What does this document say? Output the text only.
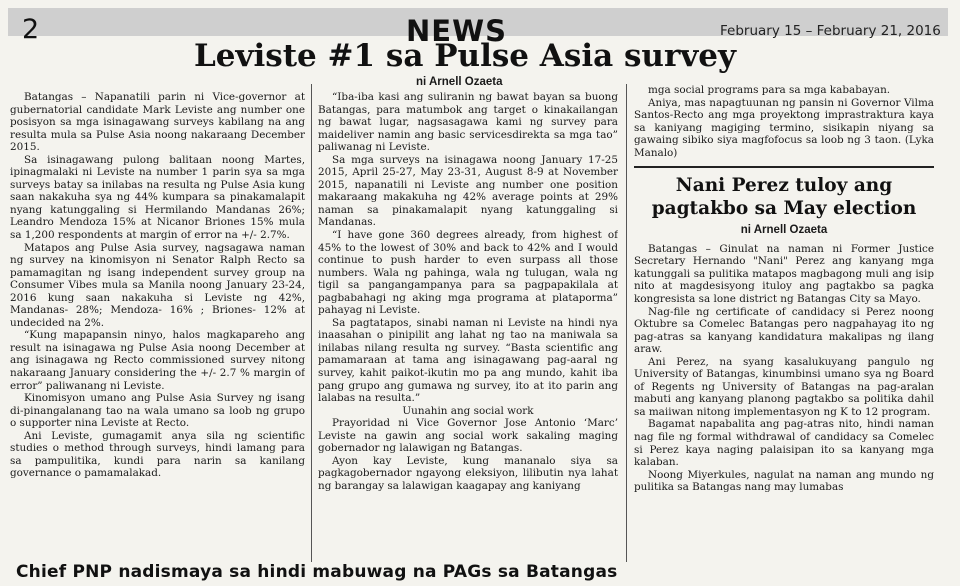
2	NEWS	February 15 – February 21, 2016
Leviste #1 sa Pulse Asia survey
ni Arnell Ozaeta

Batangas – Napanatili parin ni Vice-governor at gubernatorial candidate Mark Leviste ang number one posisyon sa mga isinagawang surveys kabilang na ang resulta mula sa Pulse Asia noong nakaraang December 2015.

Sa isinagawang pulong balitaan noong Martes, ipinagmalaki ni Leviste na number 1 parin sya sa mga surveys batay sa inilabas na resulta ng Pulse Asia kung saan nakakuha sya ng 44% kumpara sa pinakamalapit nyang katunggaling si Hermilando Mandanas 26%; Leandro Mendoza 15% at Nicanor Briones 15% mula sa 1,200 respondents at margin of error na +/- 2.7%.

Matapos ang Pulse Asia survey, nagsagawa naman ng survey na kinomisyon ni Senator Ralph Recto sa pamamagitan ng isang independent survey group na Consumer Vibes mula sa Manila noong January 23-24, 2016 kung saan nakakuha si Leviste ng 42%, Mandanas- 28%; Mendoza- 16% ; Briones- 12% at undecided na 2%.

“Kung mapapansin ninyo, halos magkapareho ang result na isinagawa ng Pulse Asia noong December at ang isinagawa ng Recto commissioned survey nitong nakaraang January considering the +/- 2.7 % margin of error” paliwanang ni Leviste.

Kinomisyon umano ang Pulse Asia Survey ng isang di-pinangalanang tao na wala umano sa loob ng grupo o supporter nina Leviste at Recto.

Ani Leviste, gumagamit anya sila ng scientific studies o method through surveys, hindi lamang para sa pampulitika, kundi para narin sa kanilang governance o pamamalakad.

“Iba-iba kasi ang suliranin ng bawat bayan sa buong Batangas, para matumbok ang target o kinakailangan ng bawat lugar, nagsasagawa kami ng survey para maideliver namin ang basic servicesdirekta sa mga tao” paliwanag ni Leviste.

Sa mga surveys na isinagawa noong January 17-25 2015, April 25-27, May 23-31, August 8-9 at November 2015, napanatili ni Leviste ang number one position makaraang makakuha ng 42% average points at 29% naman sa pinakamalapit nyang katunggaling si Mandanas.

“I have gone 360 degrees already, from highest of 45% to the lowest of 30% and back to 42% and I would continue to push harder to even surpass all those numbers. Wala ng pahinga, wala ng tulugan, wala ng tigil sa pangangampanya para sa pagpapakilala at pagbabahagi ng aking mga programa at plataporma” pahayag ni Leviste.

Sa pagtatapos, sinabi naman ni Leviste na hindi nya inaasahan o pinipilit ang lahat ng tao na maniwala sa inilabas nilang resulta ng survey. “Basta scientific ang pamamaraan at tama ang isinagawang pag-aaral ng survey, kahit paikot-ikutin mo pa ang mundo, kahit iba pang grupo ang gumawa ng survey, ito at ito parin ang lalabas na resulta.”

Uunahin ang social work

Prayoridad ni Vice Governor Jose Antonio ‘Marc’ Leviste na gawin ang social work sakaling maging gobernador ng lalawigan ng Batangas.

Ayon kay Leviste, kung mananalo siya sa pagkagobernador ngayong eleksiyon, lilibutin nya lahat ng barangay sa lalawigan kaagapay ang kaniyang

mga social programs para sa mga kababayan.

Aniya, mas napagtuunan ng pansin ni Governor Vilma Santos-Recto ang mga proyektong imprastraktura kaya sa kaniyang magiging termino, sisikapin niyang sa gawaing sibiko siya magfofocus sa loob ng 3 taon. (Lyka Manalo)

Nani Perez tuloy ang pagtakbo sa May election
ni Arnell Ozaeta

Batangas – Ginulat na naman ni Former Justice Secretary Hernando "Nani" Perez ang kanyang mga katunggali sa pulitika matapos magbagong muli ang isip nito at magdesisyong ituloy ang pagtakbo sa pagka kongresista sa lone district ng Batangas City sa Mayo.

Nag-file ng certificate of candidacy si Perez noong Oktubre sa Comelec Batangas pero nagpahayag ito ng pag-atras sa kanyang kandidatura makalipas ng ilang araw.

Ani Perez, na syang kasalukuyang pangulo ng University of Batangas, kinumbinsi umano sya ng Board of Regents ng University of Batangas na pag-aralan mabuti ang kanyang planong pagtakbo sa politika dahil sa maiiwan nitong implementasyon ng K to 12 program.

Bagamat napabalita ang pag-atras nito, hindi naman nag file ng formal withdrawal of candidacy sa Comelec si Perez kaya naging palaisipan ito sa kanyang mga kalaban.

Noong Miyerkules, nagulat na naman ang mundo ng pulitika sa Batangas nang may lumabas

Chief PNP nadismaya sa hindi mabuwag na PAGs sa Batangas
